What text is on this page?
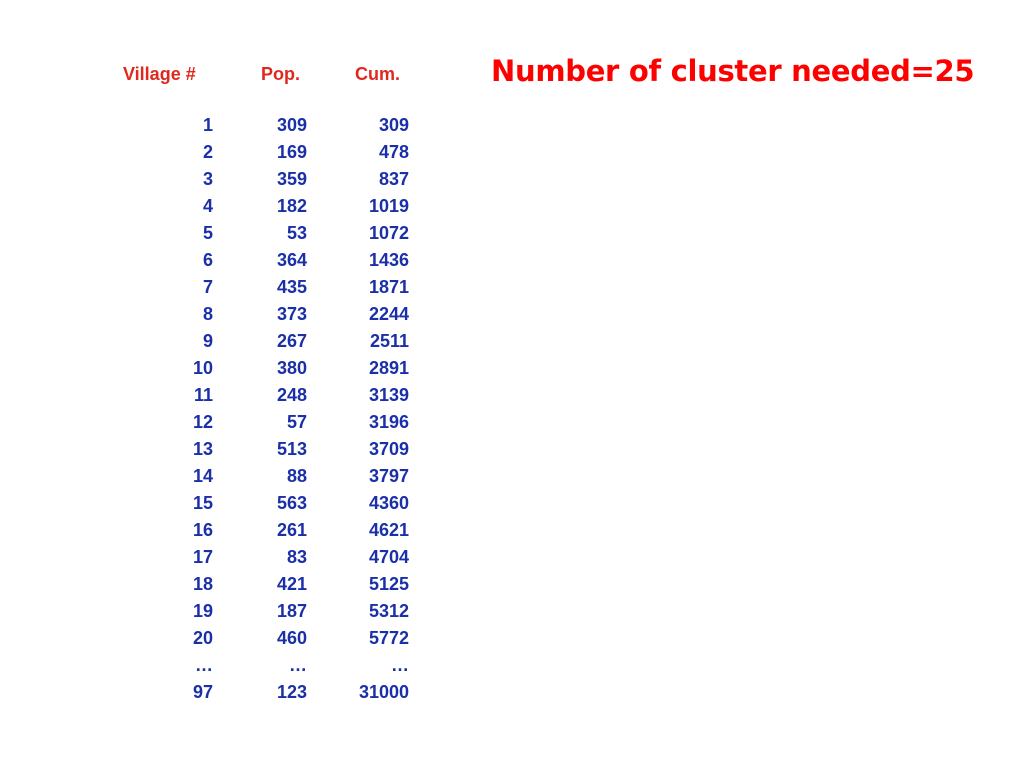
Number of cluster needed=25
Village #	Pop.	Cum.
1	309	309
2	169	478
3	359	837
4	182	1019
5	53	1072
6	364	1436
7	435	1871
8	373	2244
9	267	2511
10	380	2891
11	248	3139
12	57	3196
13	513	3709
14	88	3797
15	563	4360
16	261	4621
17	83	4704
18	421	5125
19	187	5312
20	460	5772
…	…	…
97	123	31000
